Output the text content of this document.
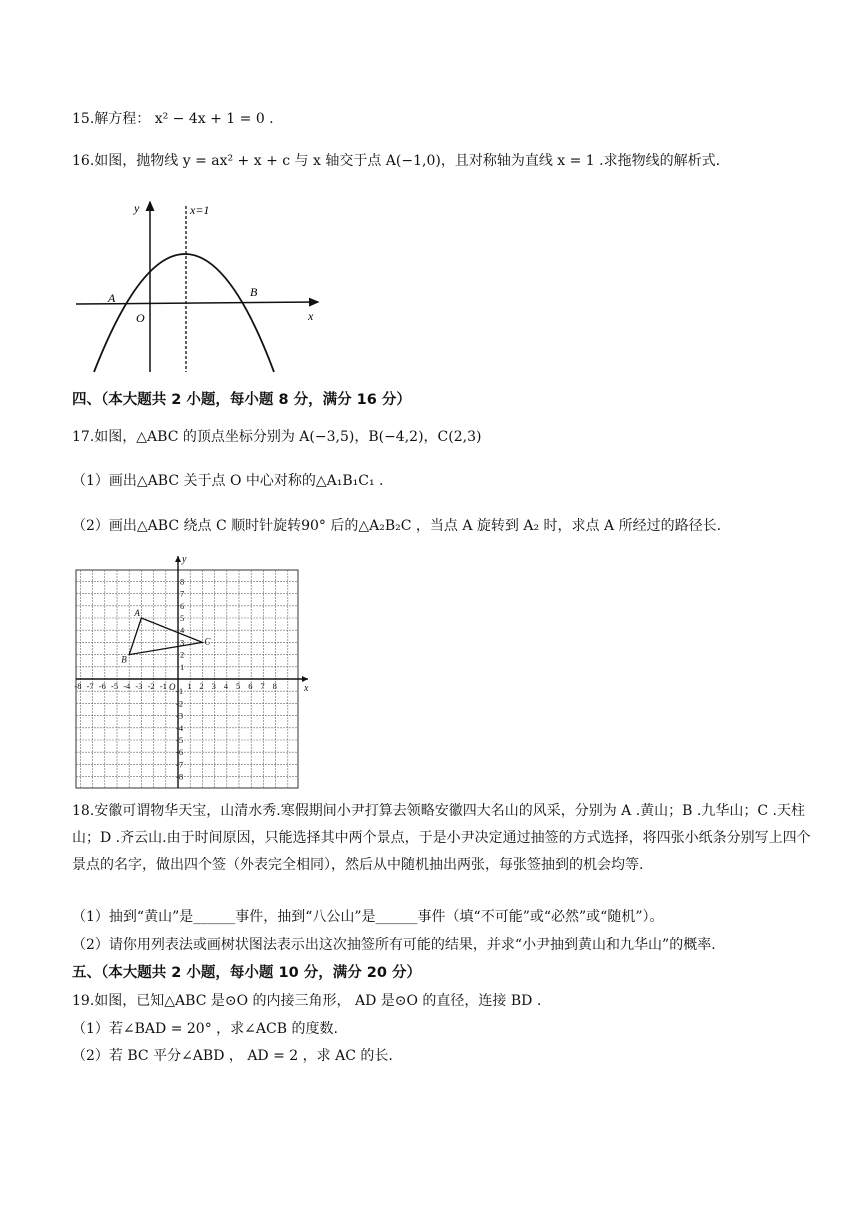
15.解方程： x² − 4x + 1 = 0 .
16.如图，抛物线 y = ax² + x + c 与 x 轴交于点 A(−1,0)，且对称轴为直线 x = 1 .求拖物线的解析式.
x=1
y
x
O
A	B
四、（本大题共 2 小题，每小题 8 分，满分 16 分）
17.如图，△ABC 的顶点坐标分别为 A(−3,5)，B(−4,2)，C(2,3)
（1）画出△ABC 关于点 O 中心对称的△A₁B₁C₁ .
（2）画出△ABC 绕点 C 顺时针旋转90° 后的△A₂B₂C ，当点 A 旋转到 A₂ 时，求点 A 所经过的路径长.
x
y
O
-8 -7 -6 -5 -4 -3 -2 -1 1 2 3 4 5 6 7 8
8
7
6
5
4
3
2
1
-1
-2
-3
-4
-5
-6
-7
-8
A
B
C
18.安徽可谓物华天宝，山清水秀.寒假期间小尹打算去领略安徽四大名山的风采，分别为 A .黄山；B .九华山；C .天柱山；D .齐云山.由于时间原因，只能选择其中两个景点，于是小尹决定通过抽签的方式选择，将四张小纸条分别写上四个景点的名字，做出四个签（外表完全相同），然后从中随机抽出两张，每张签抽到的机会均等.
（1）抽到“黄山”是______事件，抽到“八公山”是______事件（填“不可能”或“必然”或“随机”）。
（2）请你用列表法或画树状图法表示出这次抽签所有可能的结果，并求“小尹抽到黄山和九华山”的概率.
五、（本大题共 2 小题，每小题 10 分，满分 20 分）
19.如图，已知△ABC 是⊙O 的内接三角形， AD 是⊙O 的直径，连接 BD .
（1）若∠BAD = 20° ，求∠ACB 的度数.
（2）若 BC 平分∠ABD ， AD = 2 ，求 AC 的长.
